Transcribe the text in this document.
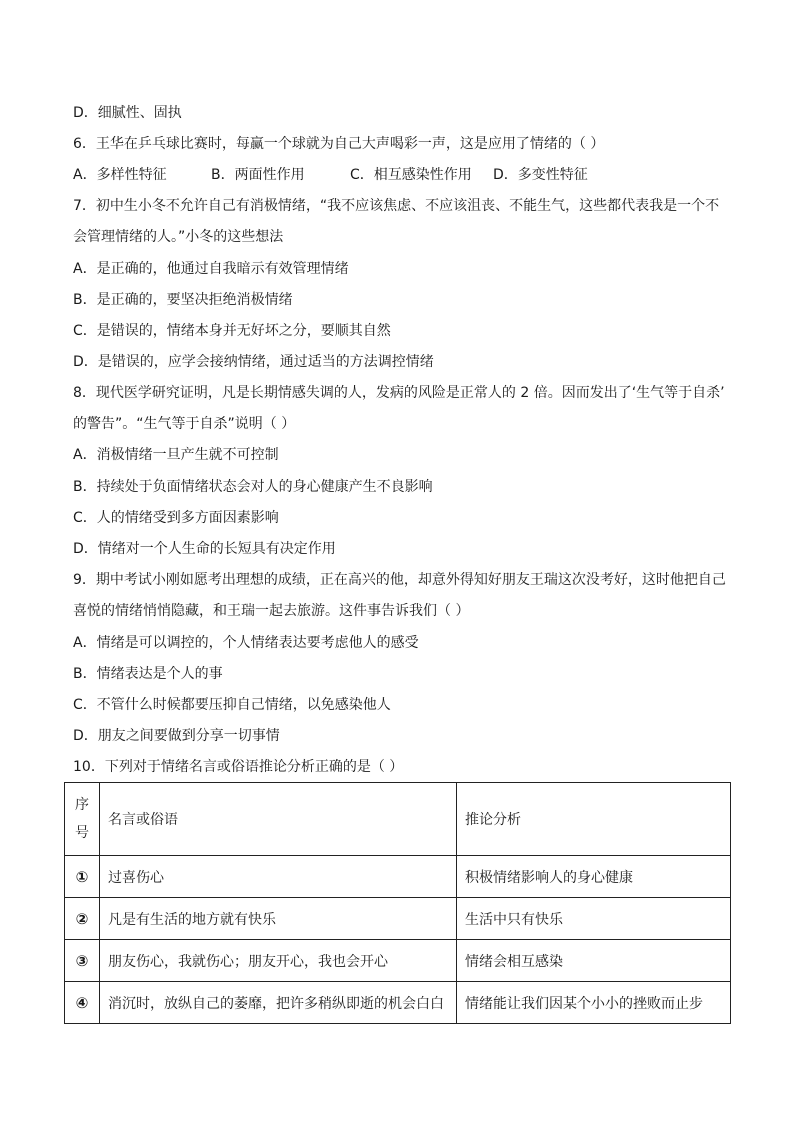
D．细腻性、固执
6．王华在乒乓球比赛时，每赢一个球就为自己大声喝彩一声，这是应用了情绪的（ ）
A．多样性特征	B．两面性作用	C．相互感染性作用 D．多变性特征
7．初中生小冬不允许自己有消极情绪，“我不应该焦虑、不应该沮丧、不能生气，这些都代表我是一个不
会管理情绪的人。”小冬的这些想法
A．是正确的，他通过自我暗示有效管理情绪
B．是正确的，要坚决拒绝消极情绪
C．是错误的，情绪本身并无好坏之分，要顺其自然
D．是错误的，应学会接纳情绪，通过适当的方法调控情绪
8．现代医学研究证明，凡是长期情感失调的人，发病的风险是正常人的 2 倍。因而发出了‘生气等于自杀’
的警告”。“生气等于自杀”说明（ ）
A．消极情绪一旦产生就不可控制
B．持续处于负面情绪状态会对人的身心健康产生不良影响
C．人的情绪受到多方面因素影响
D．情绪对一个人生命的长短具有决定作用
9．期中考试小刚如愿考出理想的成绩，正在高兴的他，却意外得知好朋友王瑞这次没考好，这时他把自己
喜悦的情绪悄悄隐藏，和王瑞一起去旅游。这件事告诉我们（ ）
A．情绪是可以调控的，个人情绪表达要考虑他人的感受
B．情绪表达是个人的事
C．不管什么时候都要压抑自己情绪，以免感染他人
D．朋友之间要做到分享一切事情
10．下列对于情绪名言或俗语推论分析正确的是（ ）
序
号	名言或俗语	推论分析
①	过喜伤心	积极情绪影响人的身心健康
②	凡是有生活的地方就有快乐	生活中只有快乐
③	朋友伤心，我就伤心；朋友开心，我也会开心	情绪会相互感染
④	消沉时，放纵自己的萎靡，把许多稍纵即逝的机会白白	情绪能让我们因某个小小的挫败而止步
